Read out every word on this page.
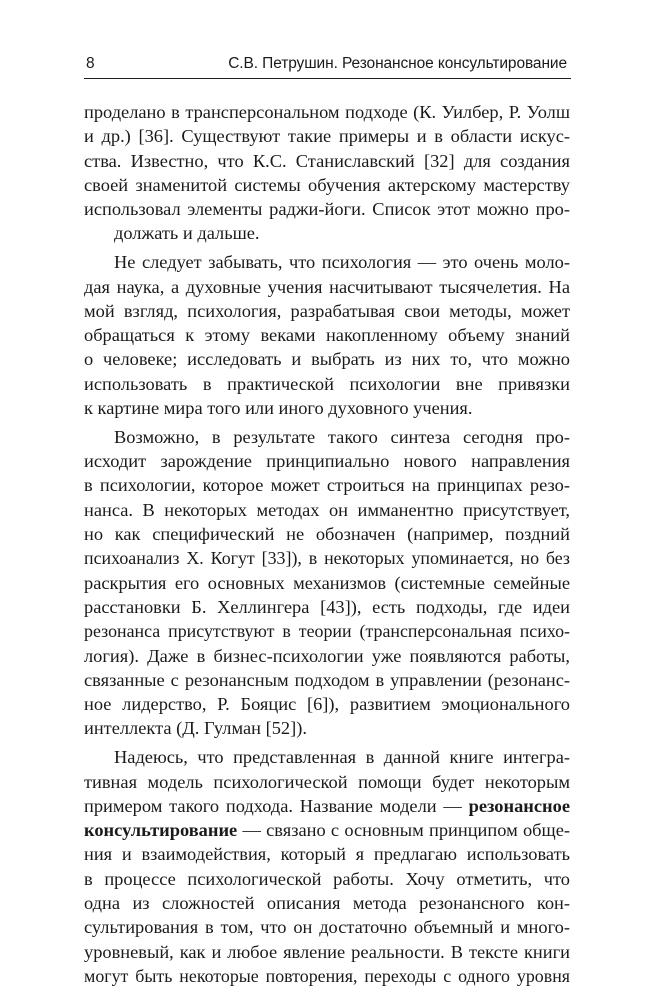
8	С.В. Петрушин. Резонансное консультирование
проделано в трансперсональном подходе (К. Уилбер, Р. Уолш
и др.) [36]. Существуют такие примеры и в области искус-
ства. Известно, что К.С. Станиславский [32] для создания
своей знаменитой системы обучения актерскому мастерству
использовал элементы раджи-йоги. Список этот можно про-
должать и дальше.
Не следует забывать, что психология — это очень моло-
дая наука, а духовные учения насчитывают тысячелетия. На
мой взгляд, психология, разрабатывая свои методы, может
обращаться к этому веками накопленному объему знаний
о человеке; исследовать и выбрать из них то, что можно
использовать в практической психологии вне привязки
к картине мира того или иного духовного учения.
Возможно, в результате такого синтеза сегодня про-
исходит зарождение принципиально нового направления
в психологии, которое может строиться на принципах резо-
нанса. В некоторых методах он имманентно присутствует,
но как специфический не обозначен (например, поздний
психоанализ Х. Когут [33]), в некоторых упоминается, но без
раскрытия его основных механизмов (системные семейные
расстановки Б. Хеллингера [43]), есть подходы, где идеи
резонанса присутствуют в теории (трансперсональная психо-
логия). Даже в бизнес-психологии уже появляются работы,
связанные с резонансным подходом в управлении (резонанс-
ное лидерство, Р. Бояцис [6]), развитием эмоционального
интеллекта (Д. Гулман [52]).
Надеюсь, что представленная в данной книге интегра-
тивная модель психологической помощи будет некоторым
примером такого подхода. Название модели — резонансное
консультирование — связано с основным принципом обще-
ния и взаимодействия, который я предлагаю использовать
в процессе психологической работы. Хочу отметить, что
одна из сложностей описания метода резонансного кон-
сультирования в том, что он достаточно объемный и много-
уровневый, как и любое явление реальности. В тексте книги
могут быть некоторые повторения, переходы с одного уровня
